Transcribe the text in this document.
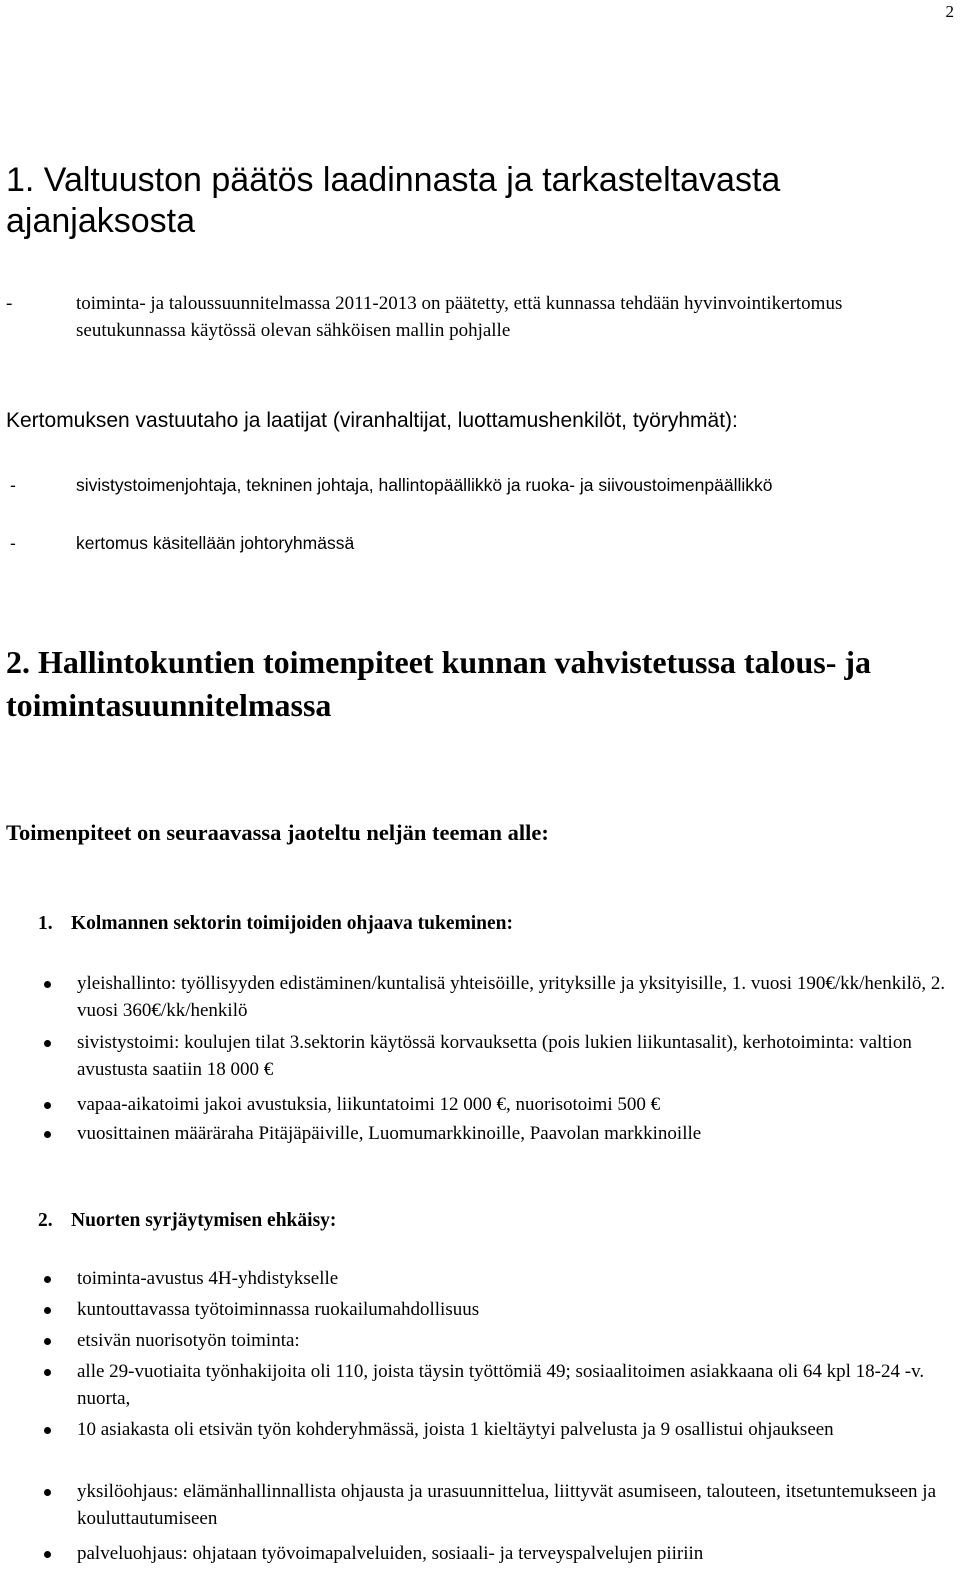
2
1. Valtuuston päätös laadinnasta ja tarkasteltavasta ajanjaksosta
-	toiminta- ja taloussuunnitelmassa 2011-2013 on päätetty, että kunnassa tehdään hyvinvointikertomus seutukunnassa käytössä olevan sähköisen mallin pohjalle
Kertomuksen vastuutaho ja laatijat (viranhaltijat, luottamushenkilöt, työryhmät):
-	sivistystoimenjohtaja, tekninen johtaja, hallintopäällikkö ja ruoka- ja siivoustoimenpäällikkö
-	kertomus käsitellään johtoryhmässä
2. Hallintokuntien toimenpiteet kunnan vahvistetussa talous- ja toimintasuunnitelmassa
Toimenpiteet on seuraavassa jaoteltu neljän teeman alle:
1. Kolmannen sektorin toimijoiden ohjaava tukeminen:
yleishallinto: työllisyyden edistäminen/kuntalisä yhteisöille, yrityksille ja yksityisille, 1. vuosi 190€/kk/henkilö, 2. vuosi 360€/kk/henkilö
sivistystoimi: koulujen tilat 3.sektorin käytössä korvauksetta (pois lukien liikuntasalit), kerhotoiminta: valtion avustusta saatiin 18 000 €
vapaa-aikatoimi jakoi avustuksia, liikuntatoimi 12 000 €, nuorisotoimi 500 €
vuosittainen määräraha Pitäjäpäiville, Luomumarkkinoille, Paavolan markkinoille
2. Nuorten syrjäytymisen ehkäisy:
toiminta-avustus 4H-yhdistykselle
kuntouttavassa työtoiminnassa ruokailumahdollisuus
etsivän nuorisotyön toiminta:
alle 29-vuotiaita työnhakijoita oli 110, joista täysin työttömiä 49; sosiaalitoimen asiakkaana oli 64 kpl 18-24 -v. nuorta,
10 asiakasta oli etsivän työn kohderyhmässä, joista 1 kieltäytyi palvelusta ja 9 osallistui ohjaukseen
yksilöohjaus: elämänhallinnallista ohjausta ja urasuunnittelua, liittyvät asumiseen, talouteen, itsetuntemukseen ja kouluttautumiseen
palveluohjaus: ohjataan työvoimapalveluiden, sosiaali- ja terveyspalvelujen piiriin
